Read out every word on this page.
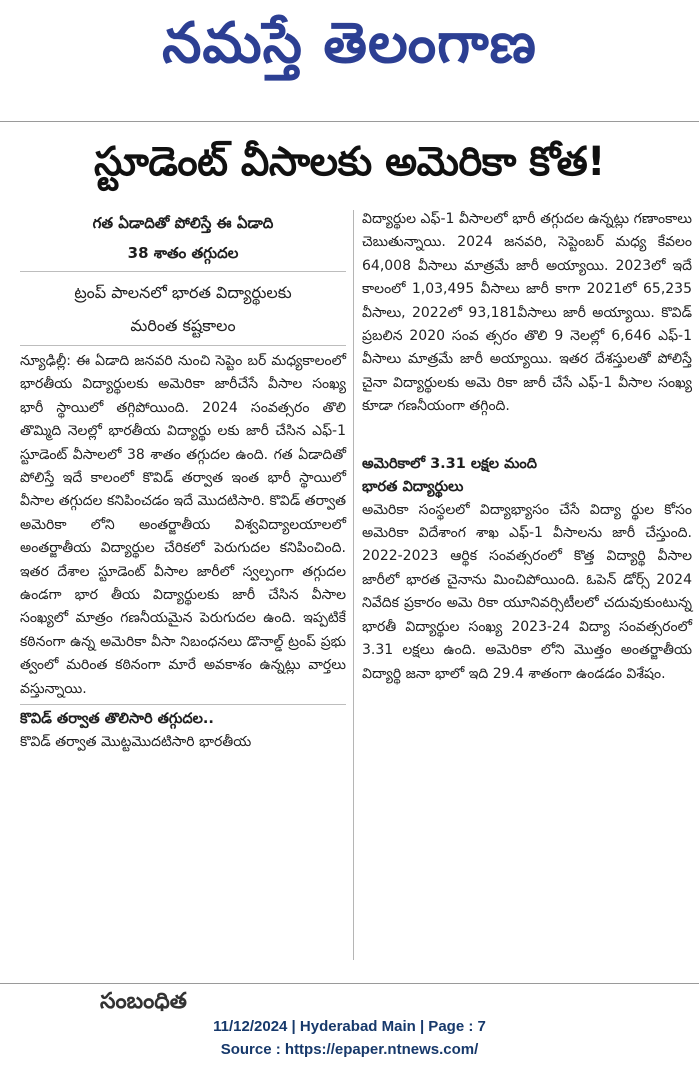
నమస్తే తెలంగాణ
స్టూడెంట్ వీసాలకు అమెరికా కోత!
గత ఏడాదితో పోలిస్తే ఈ ఏడాది
38 శాతం తగ్గుదల
ట్రంప్ పాలనలో భారత విద్యార్థులకు
మరింత కష్టకాలం

న్యూఢిల్లీ: ఈ ఏడాది జనవరి నుంచి సెప్టెం బర్ మధ్యకాలంలో భారతీయ విద్యార్థులకు అమెరికా జారీచేసే వీసాల సంఖ్య భారీ స్థాయిలో తగ్గిపోయింది. 2024 సంవత్సరం తొలి తొమ్మిది నెలల్లో భారతీయ విద్యార్థు లకు జారీ చేసిన ఎఫ్-1 స్టూడెంట్ వీసాలలో 38 శాతం తగ్గుదల ఉంది. గత ఏడాదితో పోలిస్తే ఇదే కాలంలో కొవిడ్ తర్వాత ఇంత భారీ స్థాయిలో వీసాల తగ్గుదల కనిపించడం ఇదే మొదటిసారి. కొవిడ్ తర్వాత అమెరికా లోని అంతర్జాతీయ విశ్వవిద్యాలయాలలో అంతర్జాతీయ విద్యార్థుల చేరికలో పెరుగుదల కనిపించింది. ఇతర దేశాల స్టూడెంట్ వీసాల జారీలో స్వల్పంగా తగ్గుదల ఉండగా భార తీయ విద్యార్థులకు జారీ చేసిన వీసాల సంఖ్యలో మాత్రం గణనీయమైన పెరుగుదల ఉంది. ఇప్పటికే కఠినంగా ఉన్న అమెరికా వీసా నిబంధనలు డొనాల్డ్ ట్రంప్ ప్రభు త్వంలో మరింత కఠినంగా మారే అవకాశం ఉన్నట్లు వార్తలు వస్తున్నాయి.

కొవిడ్ తర్వాత తొలిసారి తగ్గుదల..

కొవిడ్ తర్వాత మొట్టమొదటిసారి భారతీయ

విద్యార్థుల ఎఫ్-1 వీసాలలో భారీ తగ్గుదల ఉన్నట్లు గణాంకాలు చెబుతున్నాయి. 2024 జనవరి, సెప్టెంబర్ మధ్య కేవలం 64,008 వీసాలు మాత్రమే జారీ అయ్యాయి. 2023లో ఇదే కాలంలో 1,03,495 వీసాలు జారీ కాగా 2021లో 65,235 వీసాలు, 2022లో 93,181వీసాలు జారీ అయ్యాయి. కొవిడ్ ప్రబలిన 2020 సంవ త్సరం తొలి 9 నెలల్లో 6,646 ఎఫ్-1 వీసాలు మాత్రమే జారీ అయ్యాయి. ఇతర దేశస్తులతో పోలిస్తే చైనా విద్యార్థులకు అమె రికా జారీ చేసే ఎఫ్-1 వీసాల సంఖ్య కూడా గణనీయంగా తగ్గింది.

అమెరికాలో 3.31 లక్షల మంది

భారత విద్యార్థులు

అమెరికా సంస్థలలో విద్యాభ్యాసం చేసే విద్యా ర్థుల కోసం అమెరికా విదేశాంగ శాఖ ఎఫ్-1 వీసాలను జారీ చేస్తుంది. 2022-2023 ఆర్థిక సంవత్సరంలో కొత్త విద్యార్థి వీసాల జారీలో భారత చైనాను మించిపోయింది. ఓపెన్ డోర్స్ 2024 నివేదిక ప్రకారం అమె రికా యూనివర్సిటీలలో చదువుకుంటున్న భారతీ విద్యార్థుల సంఖ్య 2023-24 విద్యా సంవత్సరంలో 3.31 లక్షలు ఉంది. అమెరికా లోని మొత్తం అంతర్జాతీయ విద్యార్థి జనా భాలో ఇది 29.4 శాతంగా ఉండడం విశేషం.

సంబంధిత
11/12/2024 | Hyderabad Main | Page : 7
Source : https://epaper.ntnews.com/
